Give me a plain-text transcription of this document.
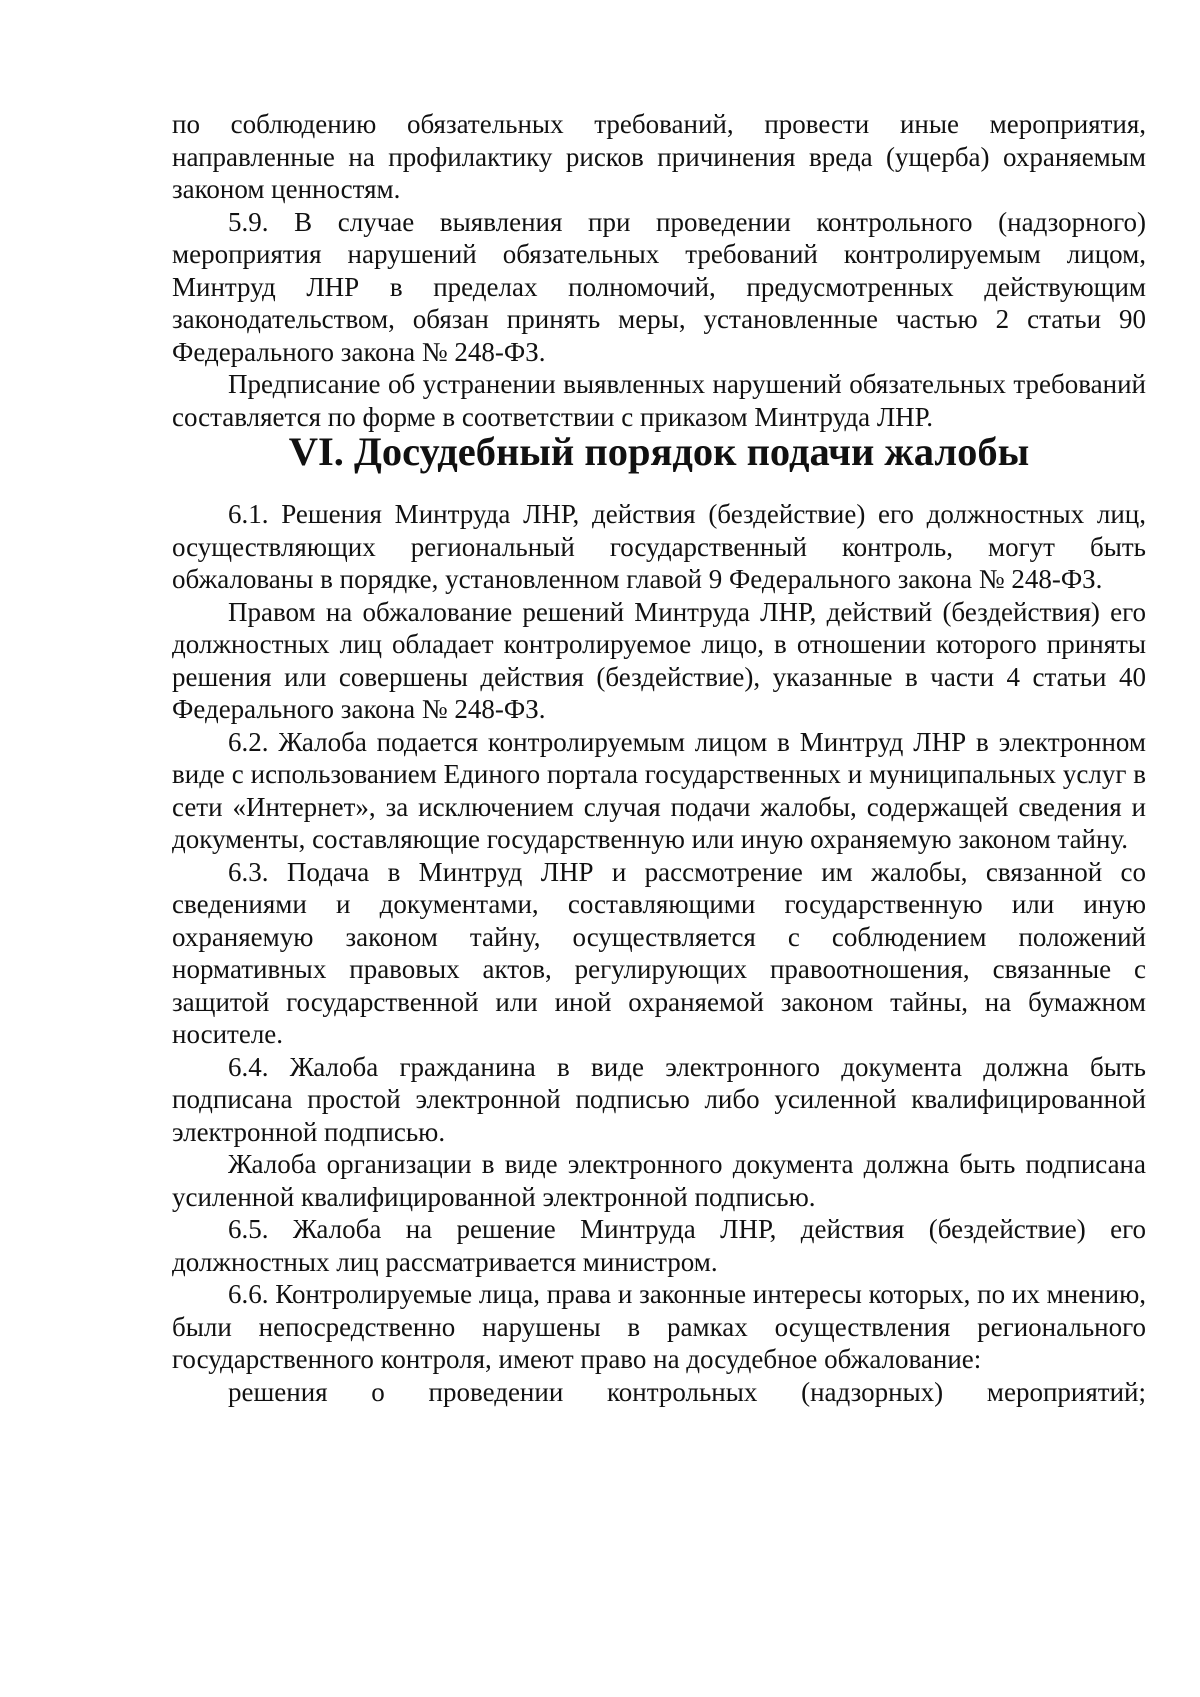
по соблюдению обязательных требований, провести иные мероприятия, направленные на профилактику рисков причинения вреда (ущерба) охраняемым законом ценностям.

5.9. В случае выявления при проведении контрольного (надзорного) мероприятия нарушений обязательных требований контролируемым лицом, Минтруд ЛНР в пределах полномочий, предусмотренных действующим законодательством, обязан принять меры, установленные частью 2 статьи 90 Федерального закона № 248-ФЗ.

Предписание об устранении выявленных нарушений обязательных требований составляется по форме в соответствии с приказом Минтруда ЛНР.

VI. Досудебный порядок подачи жалобы

6.1. Решения Минтруда ЛНР, действия (бездействие) его должностных лиц, осуществляющих региональный государственный контроль, могут быть обжалованы в порядке, установленном главой 9 Федерального закона № 248-ФЗ.

Правом на обжалование решений Минтруда ЛНР, действий (бездействия) его должностных лиц обладает контролируемое лицо, в отношении которого приняты решения или совершены действия (бездействие), указанные в части 4 статьи 40 Федерального закона № 248-ФЗ.

6.2. Жалоба подается контролируемым лицом в Минтруд ЛНР в электронном виде с использованием Единого портала государственных и муниципальных услуг в сети «Интернет», за исключением случая подачи жалобы, содержащей сведения и документы, составляющие государственную или иную охраняемую законом тайну.

6.3. Подача в Минтруд ЛНР и рассмотрение им жалобы, связанной со сведениями и документами, составляющими государственную или иную охраняемую законом тайну, осуществляется с соблюдением положений нормативных правовых актов, регулирующих правоотношения, связанные с защитой государственной или иной охраняемой законом тайны, на бумажном носителе.

6.4. Жалоба гражданина в виде электронного документа должна быть подписана простой электронной подписью либо усиленной квалифицированной электронной подписью.

Жалоба организации в виде электронного документа должна быть подписана усиленной квалифицированной электронной подписью.

6.5. Жалоба на решение Минтруда ЛНР, действия (бездействие) его должностных лиц рассматривается министром.

6.6. Контролируемые лица, права и законные интересы которых, по их мнению, были непосредственно нарушены в рамках осуществления регионального государственного контроля, имеют право на досудебное обжалование:

решения о проведении контрольных (надзорных) мероприятий;
